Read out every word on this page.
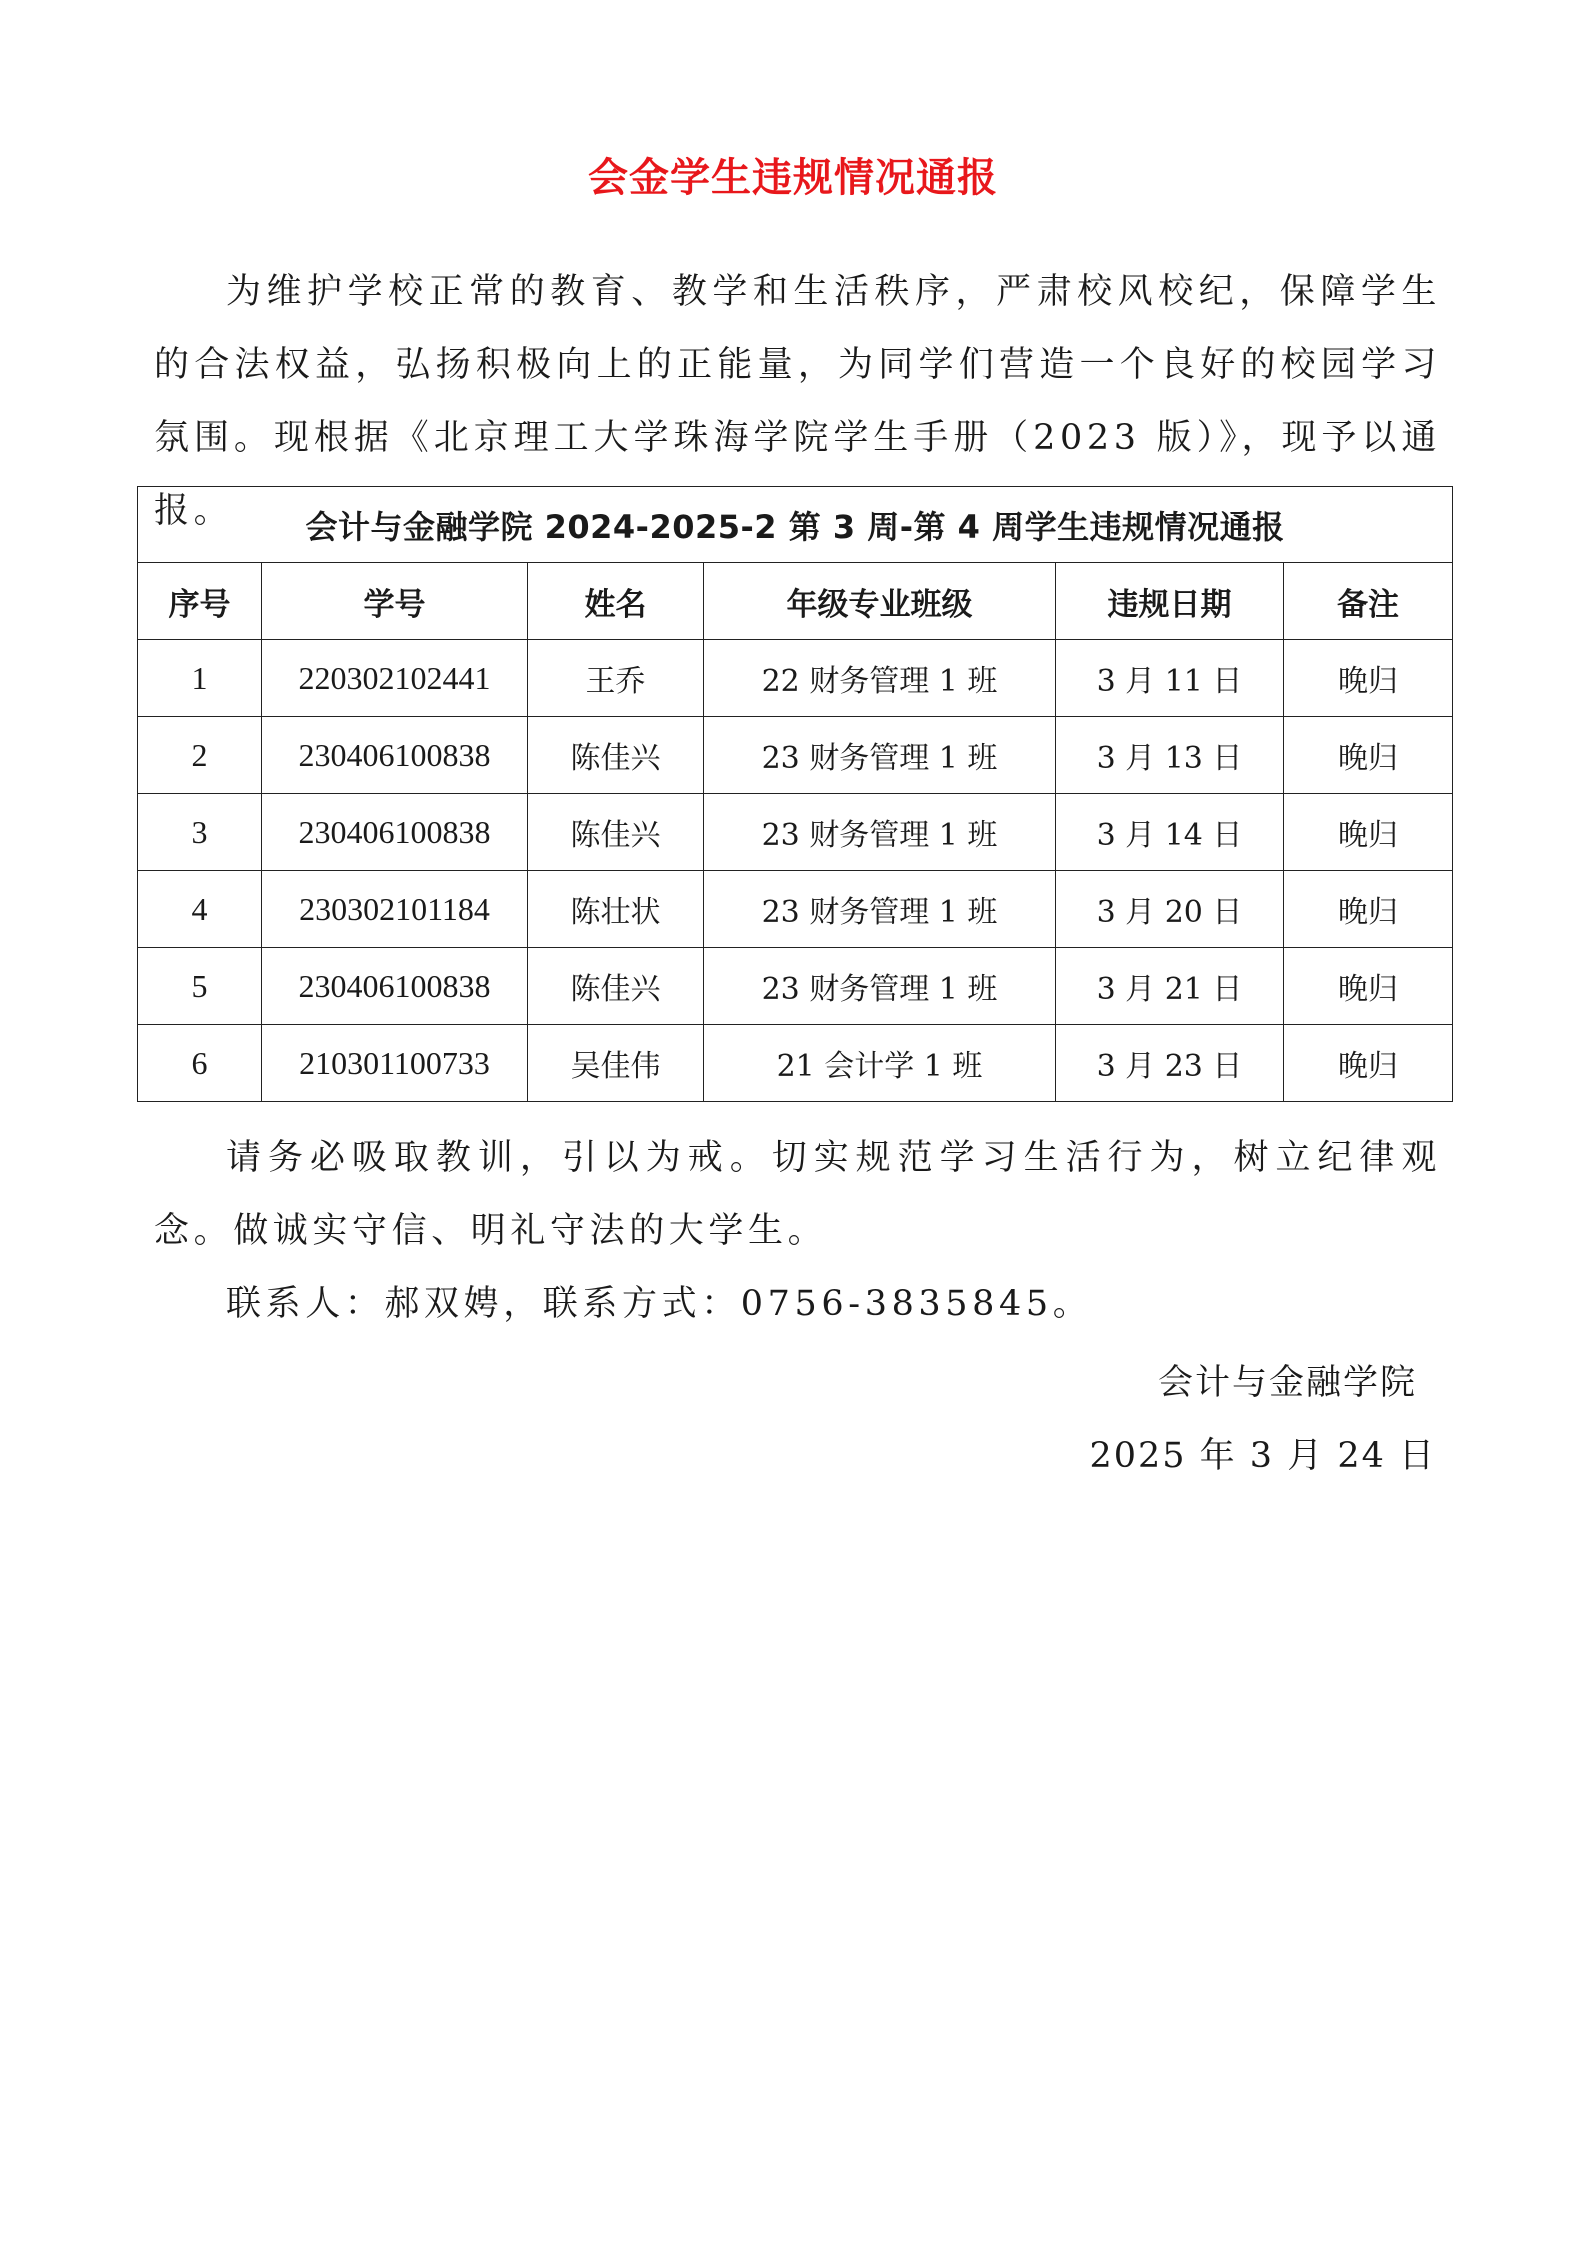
会金学生违规情况通报
为维护学校正常的教育、教学和生活秩序，严肃校风校纪，保障学生的合法权益，弘扬积极向上的正能量，为同学们营造一个良好的校园学习氛围。现根据《北京理工大学珠海学院学生手册（2023 版）》，现予以通报。	会计与金融学院 2024-2025-2 第 3 周-第 4 周学生违规情况通报					
序号	学号	姓名	年级专业班级	违规日期	备注
1	220302102441	王乔	22 财务管理 1 班	3 月 11 日	晚归
2	230406100838	陈佳兴	23 财务管理 1 班	3 月 13 日	晚归
3	230406100838	陈佳兴	23 财务管理 1 班	3 月 14 日	晚归
4	230302101184	陈壮状	23 财务管理 1 班	3 月 20 日	晚归
5	230406100838	陈佳兴	23 财务管理 1 班	3 月 21 日	晚归
6	210301100733	吴佳伟	21 会计学 1 班	3 月 23 日	晚归
请务必吸取教训，引以为戒。切实规范学习生活行为，树立纪律观念。做诚实守信、明礼守法的大学生。
联系人：郝双娉，联系方式：0756-3835845。
会计与金融学院
2025 年 3 月 24 日
